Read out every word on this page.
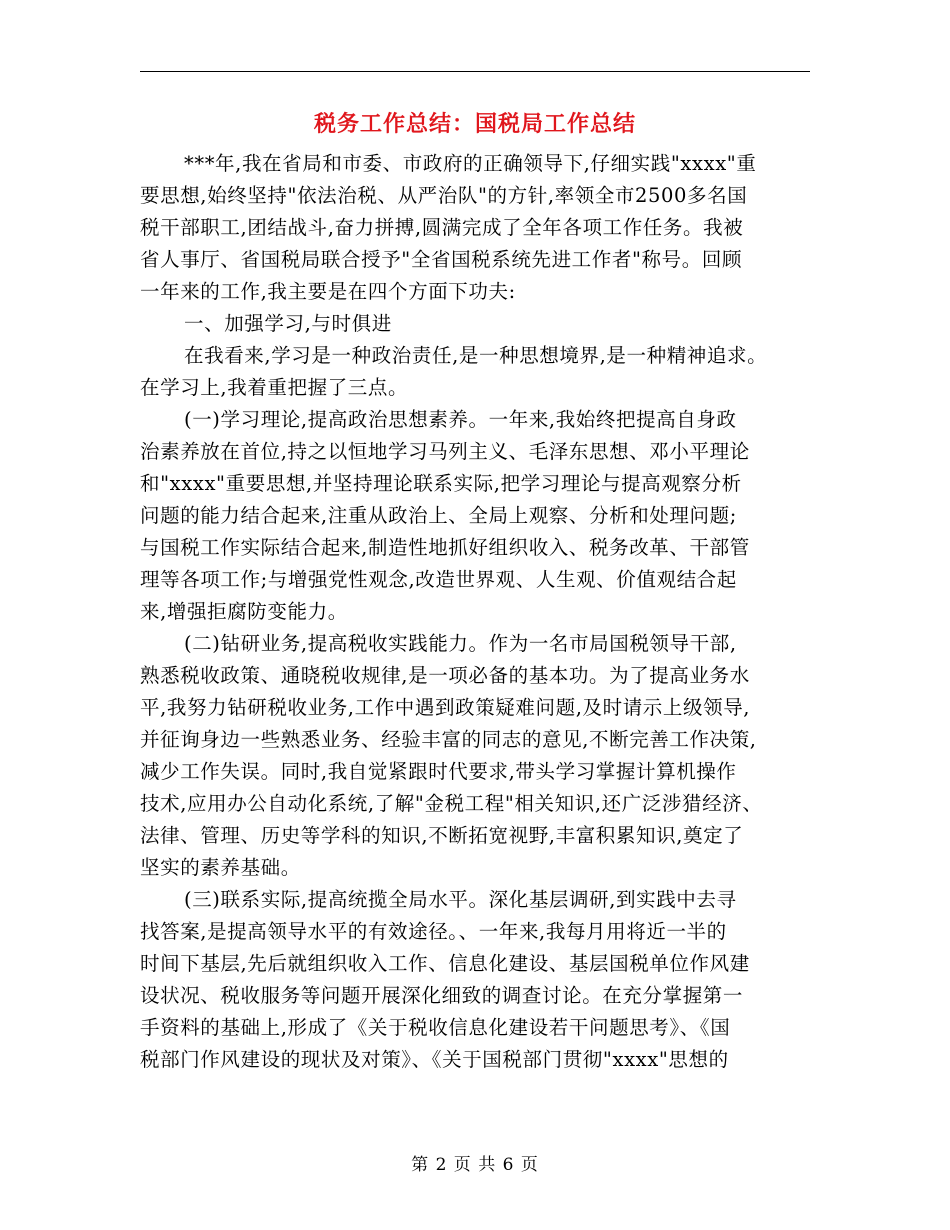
税务工作总结：国税局工作总结
***年,我在省局和市委、市政府的正确领导下,仔细实践"xxxx"重
要思想,始终坚持"依法治税、从严治队"的方针,率领全市2500多名国
税干部职工,团结战斗,奋力拼搏,圆满完成了全年各项工作任务。我被
省人事厅、省国税局联合授予"全省国税系统先进工作者"称号。回顾
一年来的工作,我主要是在四个方面下功夫:
一、加强学习,与时俱进
在我看来,学习是一种政治责任,是一种思想境界,是一种精神追求。
在学习上,我着重把握了三点。
(一)学习理论,提高政治思想素养。一年来,我始终把提高自身政
治素养放在首位,持之以恒地学习马列主义、毛泽东思想、邓小平理论
和"xxxx"重要思想,并坚持理论联系实际,把学习理论与提高观察分析
问题的能力结合起来,注重从政治上、全局上观察、分析和处理问题;
与国税工作实际结合起来,制造性地抓好组织收入、税务改革、干部管
理等各项工作;与增强党性观念,改造世界观、人生观、价值观结合起
来,增强拒腐防变能力。
(二)钻研业务,提高税收实践能力。作为一名市局国税领导干部,
熟悉税收政策、通晓税收规律,是一项必备的基本功。为了提高业务水
平,我努力钻研税收业务,工作中遇到政策疑难问题,及时请示上级领导,
并征询身边一些熟悉业务、经验丰富的同志的意见,不断完善工作决策,
减少工作失误。同时,我自觉紧跟时代要求,带头学习掌握计算机操作
技术,应用办公自动化系统,了解"金税工程"相关知识,还广泛涉猎经济、
法律、管理、历史等学科的知识,不断拓宽视野,丰富积累知识,奠定了
坚实的素养基础。
(三)联系实际,提高统揽全局水平。深化基层调研,到实践中去寻
找答案,是提高领导水平的有效途径。、一年来,我每月用将近一半的
时间下基层,先后就组织收入工作、信息化建设、基层国税单位作风建
设状况、税收服务等问题开展深化细致的调查讨论。在充分掌握第一
手资料的基础上,形成了《关于税收信息化建设若干问题思考》、《国
税部门作风建设的现状及对策》、《关于国税部门贯彻"xxxx"思想的
第 2 页 共 6 页
